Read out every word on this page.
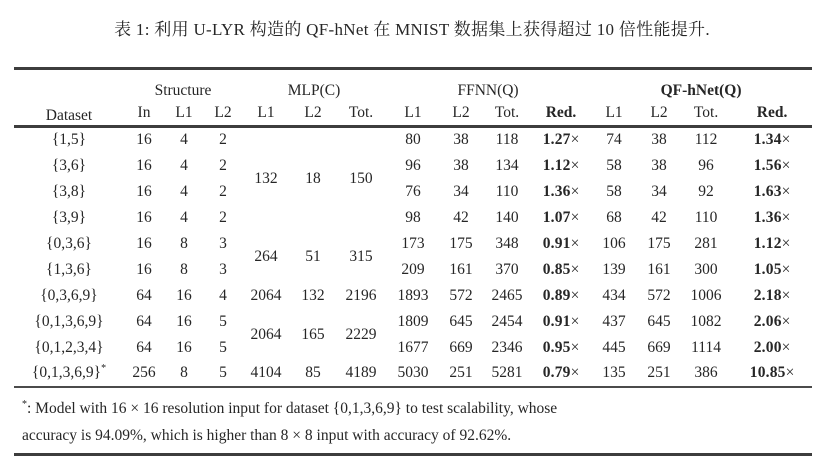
表 1: 利用 U-LYR 构造的 QF-hNet 在 MNIST 数据集上获得超过 10 倍性能提升.
Dataset	Structure			MLP(C)			FFNN(Q)				QF-hNet(Q)			
	In	L1	L2	L1	L2	Tot.	L1	L2	Tot.	Red.	L1	L2	Tot.	Red.
{1,5}	16	4	2	132	18	150	80	38	118	1.27×	74	38	112	1.34×
{3,6}	16	4	2				96	38	134	1.12×	58	38	96	1.56×
{3,8}	16	4	2				76	34	110	1.36×	58	34	92	1.63×
{3,9}	16	4	2				98	42	140	1.07×	68	42	110	1.36×
{0,3,6}	16	8	3	264	51	315	173	175	348	0.91×	106	175	281	1.12×
{1,3,6}	16	8	3				209	161	370	0.85×	139	161	300	1.05×
{0,3,6,9}	64	16	4	2064	132	2196	1893	572	2465	0.89×	434	572	1006	2.18×
{0,1,3,6,9}	64	16	5	2064	165	2229	1809	645	2454	0.91×	437	645	1082	2.06×
{0,1,2,3,4}	64	16	5				1677	669	2346	0.95×	445	669	1114	2.00×
{0,1,3,6,9}*	256	8	5	4104	85	4189	5030	251	5281	0.79×	135	251	386	10.85×
*: Model with 16 × 16 resolution input for dataset {0,1,3,6,9} to test scalability, whose
accuracy is 94.09%, which is higher than 8 × 8 input with accuracy of 92.62%.
